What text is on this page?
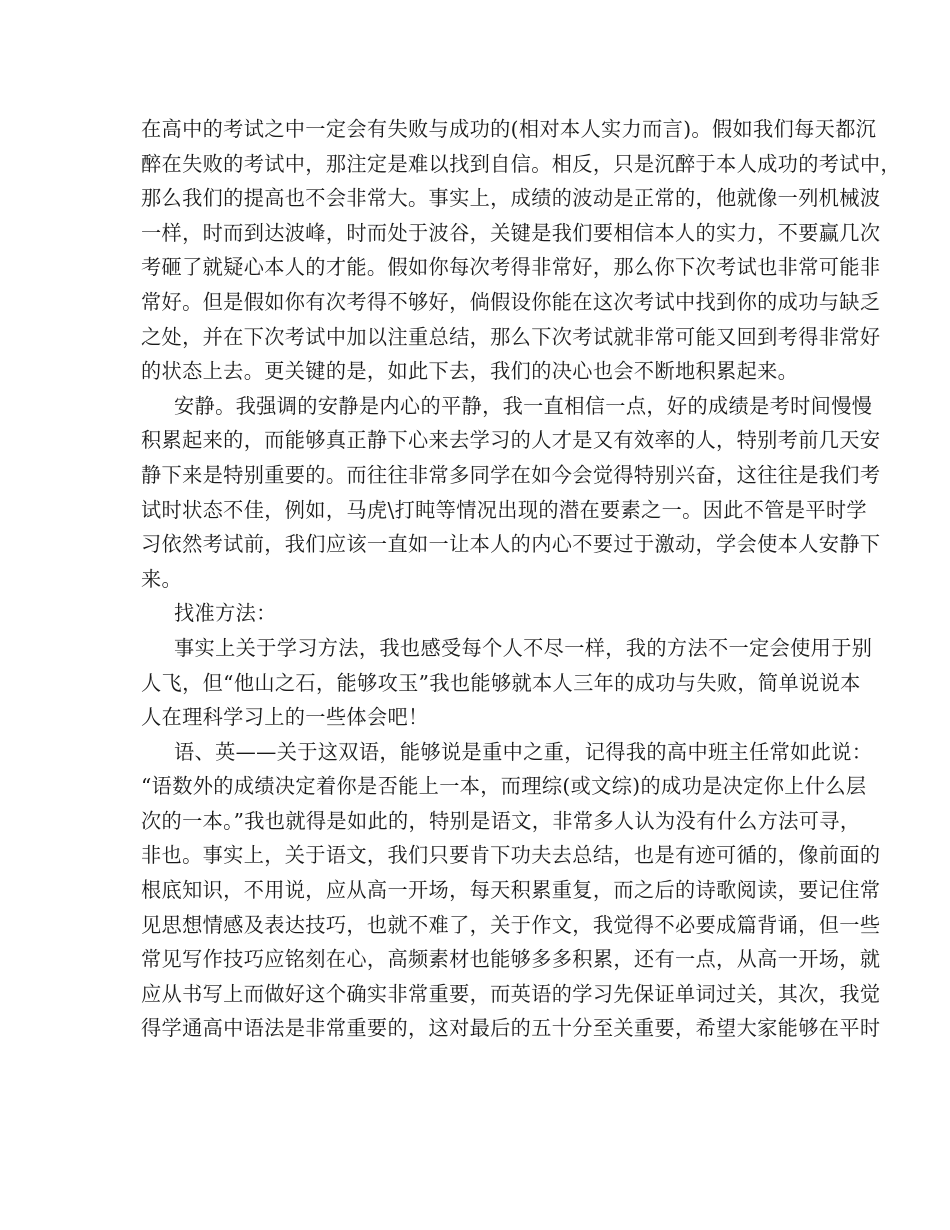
在高中的考试之中一定会有失败与成功的(相对本人实力而言)。假如我们每天都沉
醉在失败的考试中，那注定是难以找到自信。相反，只是沉醉于本人成功的考试中，
那么我们的提高也不会非常大。事实上，成绩的波动是正常的，他就像一列机械波
一样，时而到达波峰，时而处于波谷，关键是我们要相信本人的实力，不要赢几次
考砸了就疑心本人的才能。假如你每次考得非常好，那么你下次考试也非常可能非
常好。但是假如你有次考得不够好，倘假设你能在这次考试中找到你的成功与缺乏
之处，并在下次考试中加以注重总结，那么下次考试就非常可能又回到考得非常好
的状态上去。更关键的是，如此下去，我们的决心也会不断地积累起来。
安静。我强调的安静是内心的平静，我一直相信一点，好的成绩是考时间慢慢
积累起来的，而能够真正静下心来去学习的人才是又有效率的人，特别考前几天安
静下来是特别重要的。而往往非常多同学在如今会觉得特别兴奋，这往往是我们考
试时状态不佳，例如，马虎\打盹等情况出现的潜在要素之一。因此不管是平时学
习依然考试前，我们应该一直如一让本人的内心不要过于激动，学会使本人安静下
来。
找准方法：
事实上关于学习方法，我也感受每个人不尽一样，我的方法不一定会使用于别
人飞，但“他山之石，能够攻玉”我也能够就本人三年的成功与失败，简单说说本
人在理科学习上的一些体会吧！
语、英——关于这双语，能够说是重中之重，记得我的高中班主任常如此说：
“语数外的成绩决定着你是否能上一本，而理综(或文综)的成功是决定你上什么层
次的一本。”我也就得是如此的，特别是语文，非常多人认为没有什么方法可寻，
非也。事实上，关于语文，我们只要肯下功夫去总结，也是有迹可循的，像前面的
根底知识，不用说，应从高一开场，每天积累重复，而之后的诗歌阅读，要记住常
见思想情感及表达技巧，也就不难了，关于作文，我觉得不必要成篇背诵，但一些
常见写作技巧应铭刻在心，高频素材也能够多多积累，还有一点，从高一开场，就
应从书写上而做好这个确实非常重要，而英语的学习先保证单词过关，其次，我觉
得学通高中语法是非常重要的，这对最后的五十分至关重要，希望大家能够在平时
